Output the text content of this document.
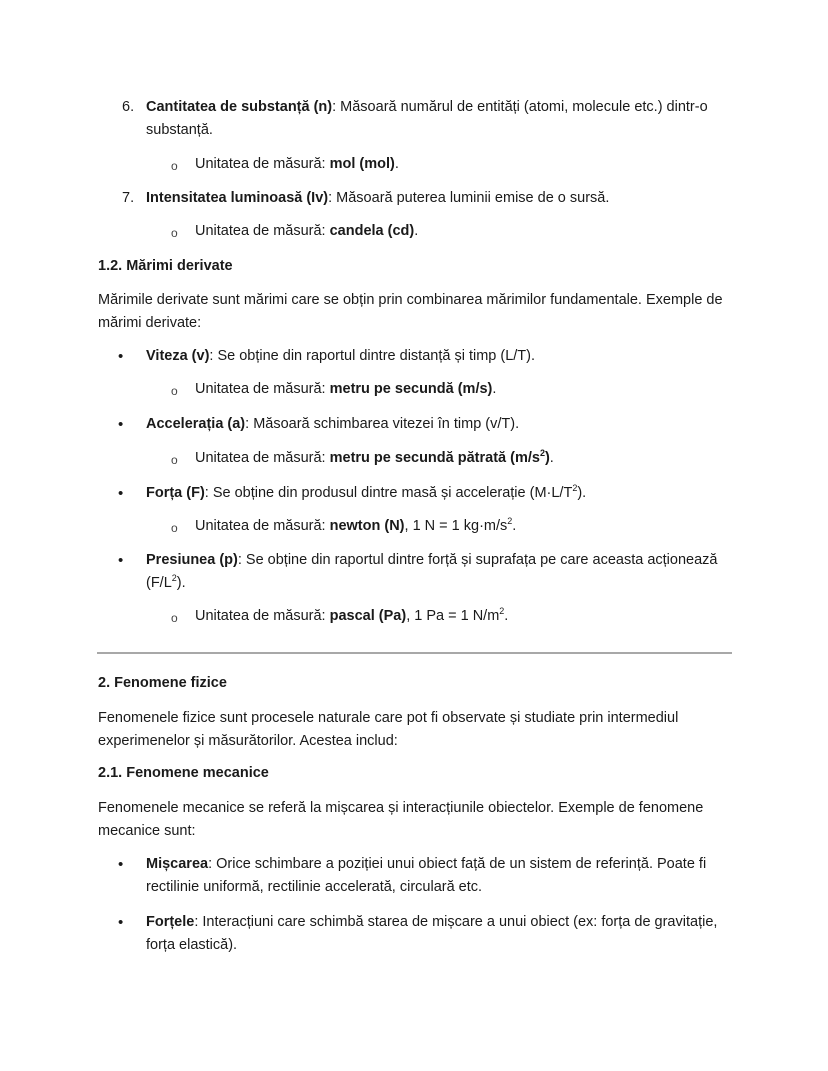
6. Cantitatea de substanță (n): Măsoară numărul de entități (atomi, molecule etc.) dintr-o substanță.
o Unitatea de măsură: mol (mol).
7. Intensitatea luminoasă (Iv): Măsoară puterea luminii emise de o sursă.
o Unitatea de măsură: candela (cd).
1.2. Mărimi derivate
Mărimile derivate sunt mărimi care se obțin prin combinarea mărimilor fundamentale. Exemple de mărimi derivate:
• Viteza (v): Se obține din raportul dintre distanță și timp (L/T).
o Unitatea de măsură: metru pe secundă (m/s).
• Accelerația (a): Măsoară schimbarea vitezei în timp (v/T).
o Unitatea de măsură: metru pe secundă pătrată $(m/s^2)$.
• Forța (F): Se obține din produsul dintre masă și accelerație $(M\cdot L/T^2)$.
o Unitatea de măsură: newton (N), 1 N = 1 $kg\cdot m/s^2$.
• Presiunea (p): Se obține din raportul dintre forță și suprafața pe care aceasta acționează $(F/L^2)$.
o Unitatea de măsură: pascal (Pa), 1 Pa = 1 $N/m^2$.
2. Fenomene fizice
Fenomenele fizice sunt procesele naturale care pot fi observate și studiate prin intermediul experimenelor și măsurătorilor. Acestea includ:
2.1. Fenomene mecanice
Fenomenele mecanice se referă la mișcarea și interacțiunile obiectelor. Exemple de fenomene mecanice sunt:
• Mișcarea: Orice schimbare a poziției unui obiect față de un sistem de referință. Poate fi rectilinie uniformă, rectilinie accelerată, circulară etc.
• Forțele: Interacțiuni care schimbă starea de mișcare a unui obiect (ex: forța de gravitație, forța elastică).
